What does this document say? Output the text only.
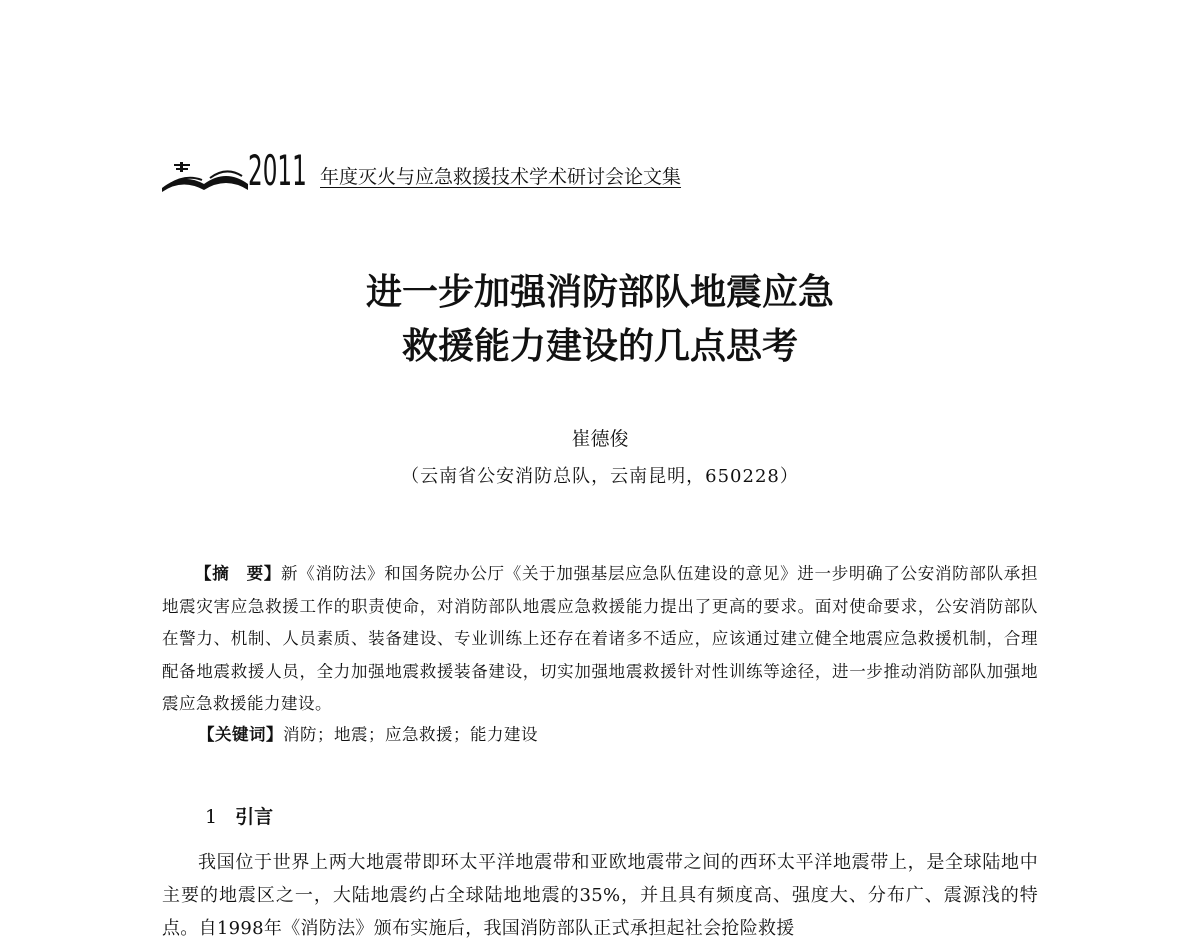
2011 年度灭火与应急救援技术学术研讨会论文集
进一步加强消防部队地震应急
救援能力建设的几点思考
崔德俊
（云南省公安消防总队，云南昆明，650228）
【摘　要】新《消防法》和国务院办公厅《关于加强基层应急队伍建设的意见》进一步明确了公安消防部队承担地震灾害应急救援工作的职责使命，对消防部队地震应急救援能力提出了更高的要求。面对使命要求，公安消防部队在警力、机制、人员素质、装备建设、专业训练上还存在着诸多不适应，应该通过建立健全地震应急救援机制，合理配备地震救援人员，全力加强地震救援装备建设，切实加强地震救援针对性训练等途径，进一步推动消防部队加强地震应急救援能力建设。
【关键词】消防；地震；应急救援；能力建设
1 引言
我国位于世界上两大地震带即环太平洋地震带和亚欧地震带之间的西环太平洋地震带上，是全球陆地中主要的地震区之一，大陆地震约占全球陆地地震的35%，并且具有频度高、强度大、分布广、震源浅的特点。自1998年《消防法》颁布实施后，我国消防部队正式承担起社会抢险救援
